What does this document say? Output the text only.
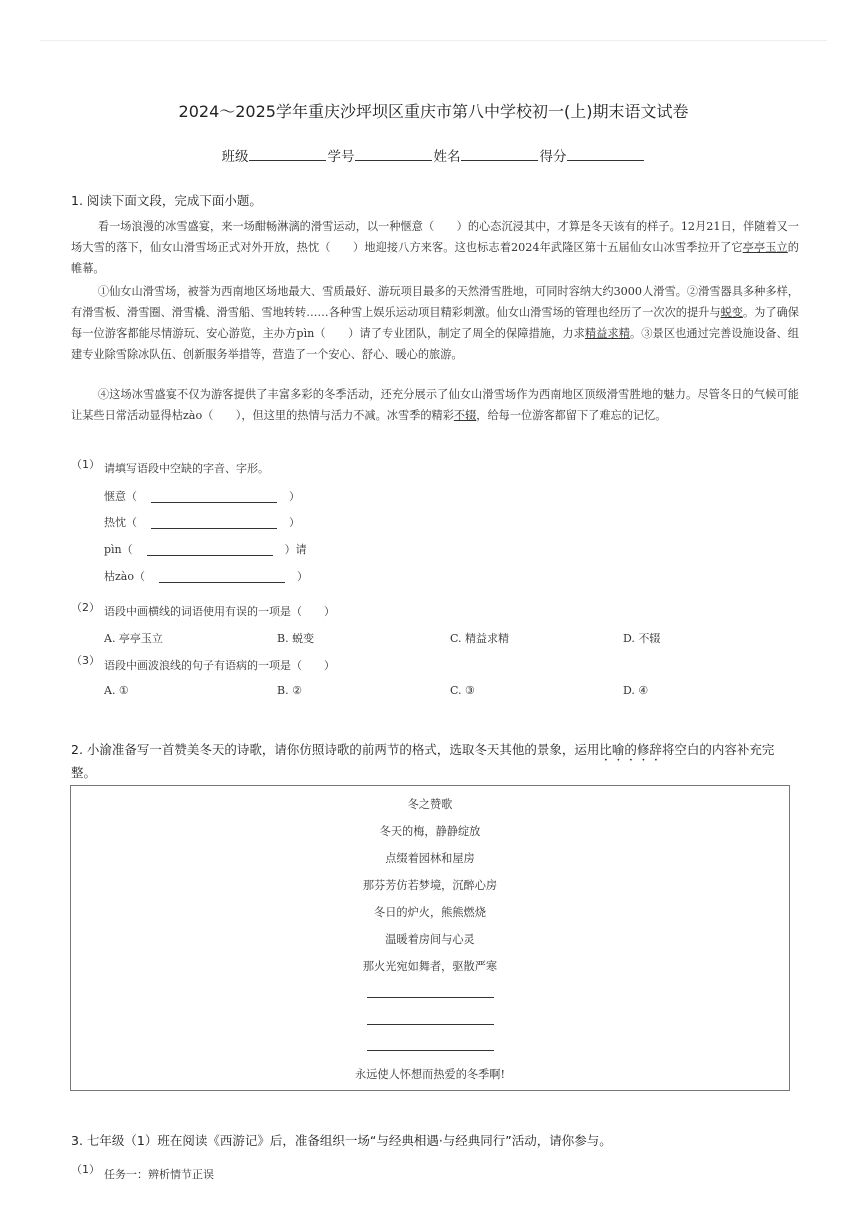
2024～2025学年重庆沙坪坝区重庆市第八中学校初一(上)期末语文试卷
班级	学号	姓名	得分
1. 阅读下面文段，完成下面小题。
看一场浪漫的冰雪盛宴，来一场酣畅淋漓的滑雪运动，以一种惬意（　　）的心态沉浸其中，才算是冬天该有的样子。12月21日，伴随着又一场大雪的落下，仙女山滑雪场正式对外开放，热忱（　　）地迎接八方来客。这也标志着2024年武隆区第十五届仙女山冰雪季拉开了它亭亭玉立的帷幕。
①仙女山滑雪场，被誉为西南地区场地最大、雪质最好、游玩项目最多的天然滑雪胜地，可同时容纳大约3000人滑雪。②滑雪器具多种多样，有滑雪板、滑雪圈、滑雪橇、滑雪船、雪地转转……各种雪上娱乐运动项目精彩刺激。仙女山滑雪场的管理也经历了一次次的提升与蜕变。为了确保每一位游客都能尽情游玩、安心游览，主办方pìn（　　）请了专业团队，制定了周全的保障措施，力求精益求精。③景区也通过完善设施设备、组建专业除雪除冰队伍、创新服务举措等，营造了一个安心、舒心、暖心的旅游。
④这场冰雪盛宴不仅为游客提供了丰富多彩的冬季活动，还充分展示了仙女山滑雪场作为西南地区顶级滑雪胜地的魅力。尽管冬日的气候可能让某些日常活动显得枯zào（　　），但这里的热情与活力不减。冰雪季的精彩不辍，给每一位游客都留下了难忘的记忆。
（1） 请填写语段中空缺的字音、字形。
惬意（	）
热忱（	）
pìn（	）请
枯zào（	）
（2） 语段中画横线的词语使用有误的一项是（　　）
A. 亭亭玉立	B. 蜕变	C. 精益求精	D. 不辍
（3） 语段中画波浪线的句子有语病的一项是（　　）
A. ①	B. ②	C. ③	D. ④
2. 小渝准备写一首赞美冬天的诗歌，请你仿照诗歌的前两节的格式，选取冬天其他的景象，运用比喻的修辞将空白的内容补充完整。
冬之赞歌
冬天的梅，静静绽放
点缀着园林和屋房
那芬芳仿若梦境，沉醉心房
冬日的炉火，熊熊燃烧
温暖着房间与心灵
那火光宛如舞者，驱散严寒
永远使人怀想而热爱的冬季啊!
3. 七年级（1）班在阅读《西游记》后，准备组织一场“与经典相遇·与经典同行”活动，请你参与。
（1） 任务一：辨析情节正误
